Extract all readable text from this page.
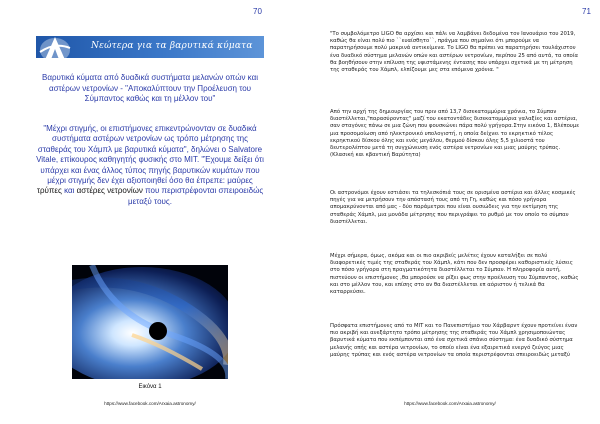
70
Νεώτερα για τα βαρυτικά κύματα
Βαρυτικά κύματα από δυαδικά συστήματα μελανών οπών και αστέρων νετρονίων - "Αποκαλύπτουν την Προέλευση του Σύμπαντος καθώς και τη μέλλον του"
"Μέχρι στιγμής, οι επιστήμονες επικεντρώνονταν σε δυαδικά συστήματα αστέρων νετρονίων ως τρόπο μέτρησης της σταθεράς του Χάμπλ με βαρυτικά κύματα", δηλώνει ο Salvatore Vitale, επίκουρος καθηγητής φυσικής στο MIT. "Έχουμε δείξει ότι υπάρχει και ένας άλλος τύπος πηγής βαρυτικών κυμάτων που μέχρι στιγμής δεν έχει αξιοποιηθεί όσο θα έπρεπε: μαύρες
τρύπες και αστέρες νετρονίων που περιστρέφονται σπειροειδώς μεταξύ τους.
Εικόνα 1
https://www.facebook.com/Arxaia.astronomy/
71

"Το συμβολόμετρο LIGO θα αρχίσει και πάλι να λαμβάνει δεδομένα τον Ιανουάριο του 2019, καθώς θα είναι πολύ πιο ``ευαίσθητο``, πράγμα που σημαίνει ότι μπορούμε να παρατηρήσουμε πολύ μακρινά αντικείμενα. Το LIGO θα πρέπει να παρατηρήσει τουλάχιστον ένα δυαδικό σύστημα μελανών οπών και αστέρων νετρονίων, περίπου 25 από αυτά, τα οποία θα βοηθήσουν στην επίλυση της υφιστάμενης έντασης που υπάρχει σχετικά με τη μέτρηση της σταθεράς του Χάμπλ, ελπίζουμε μες στα επόμενα χρόνια. "

Από την αρχή της δημιουργίας του πριν από 13,7 δισεκατομμύρια χρόνια, το Σύμπαν διαστέλλεται,"παρασύροντας" μαζί του εκατοντάδες δισεκατομμύρια γαλαξίες και αστέρια, σαν σταγόνες πάνω σε μια ζώνη που φουσκώνει πάρα πολύ γρήγορα.Στην εικόνα 1, Βλέπουμε μια προσομοίωση από ηλεκτρονικό υπολογιστή, η οποία δείχνει το εκρηκτικό τέλος εκρηκτικού δίσκου όλης και ενός μεγάλου, θερμού δίσκου όλης 5,5 χιλιοστά του δευτερολέπτου μετά τη συγχώνευση ενός αστέρα νετρονίων και μιας μαύρης τρύπας. (Κλασική και κβαντική Βαρύτητα)

Οι αστρονόμοι έχουν εστιάσει τα τηλεσκόπιά τους σε ορισμένα αστέρια και άλλες κοσμικές πηγές για να μετρήσουν την απόστασή τους από τη Γη, καθώς και πόσο γρήγορα απομακρύνονται από μας - δύο παράμετροι που είναι ουσιώδεις για την εκτίμηση της σταθεράς Χάμπλ, μια μονάδα μέτρησης που περιγράφει το ρυθμό με τον οποίο το σύμπαν διαστέλλεται.

Μέχρι σήμερα, όμως, ακόμα και οι πιο ακριβείς μελέτες έχουν καταλήξει σε πολύ διαφορετικές τιμές της σταθεράς του Χάμπλ, κάτι που δεν προσφέρει καθοριστικές λύσεις στο πόσο γρήγορα στη πραγματικότητα διαστέλλεται το Σύμπαν. Η πληροφορία αυτή, πιστεύουν οι επιστήμονες ,θα μπορούσε να ρίξει φως στην προέλευση του Σύμπαντος, καθώς και στο μέλλον του, και επίσης στο αν θα διαστέλλεται επ αόριστον ή τελικά θα καταρρεύσει.

Πρόσφατα επιστήμονες από το MIT και το Πανεπιστήμιο του Χάρβαρντ έχουν προτείνει έναν πιο ακριβή και ανεξάρτητο τρόπο μέτρησης της σταθεράς του Χάμπλ χρησιμοποιώντας βαρυτικά κύματα που εκπέμπονται από ένα σχετικά σπάνιο σύστημα: ένα δυαδικό σύστημα μελανής οπής και αστέρα νετρονίων, το οποίο είναι ένα εξαιρετικά ενεργό ζεύγος μιας μαύρης τρύπας και ενός αστέρα νετρονίων τα οποία περιστρέφονται σπειροειδώς μεταξύ

https://www.facebook.com/Arxaia.astronomy/
